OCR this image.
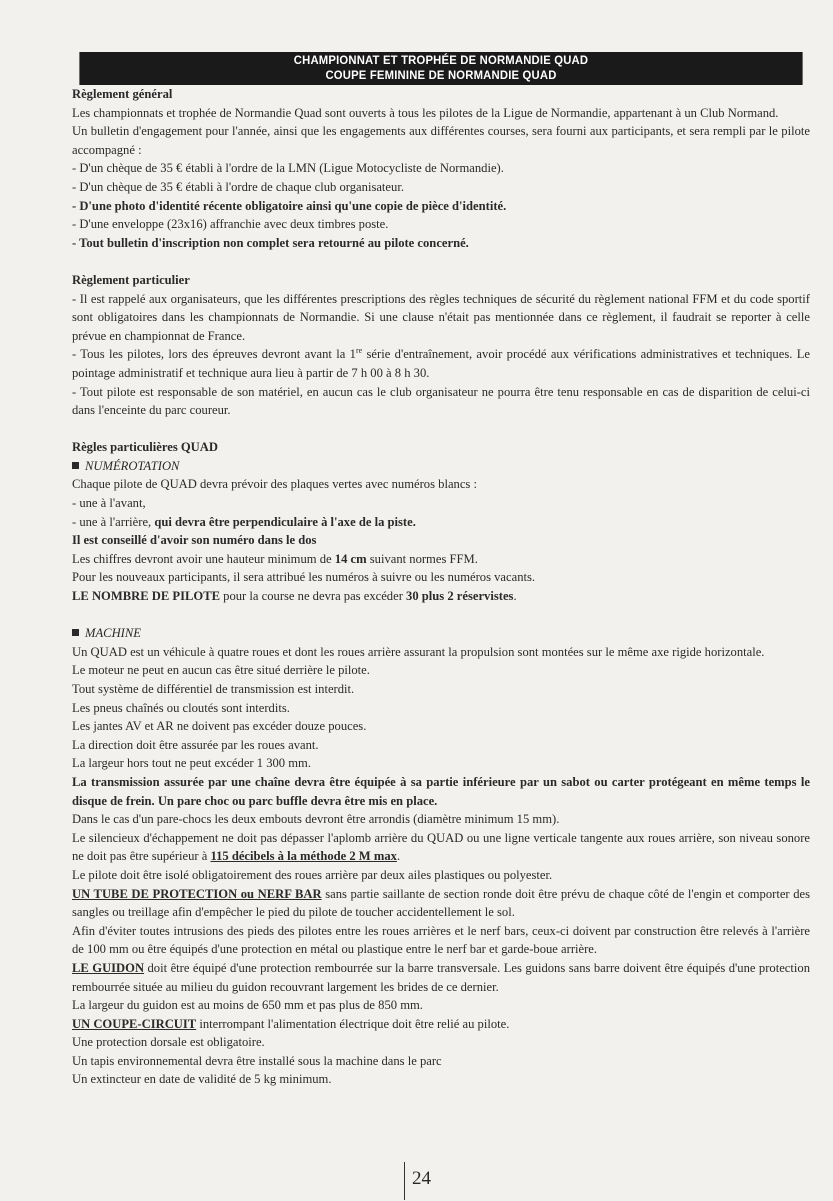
CHAMPIONNAT ET TROPHÉE DE NORMANDIE QUAD
COUPE FEMININE DE NORMANDIE QUAD

Règlement général

Les championnats et trophée de Normandie Quad sont ouverts à tous les pilotes de la Ligue de Normandie, appartenant à un Club Normand.

Un bulletin d'engagement pour l'année, ainsi que les engagements aux différentes courses, sera fourni aux participants, et sera rempli par le pilote accompagné :

- D'un chèque de 35 € établi à l'ordre de la LMN (Ligue Motocycliste de Normandie).

- D'un chèque de 35 € établi à l'ordre de chaque club organisateur.

- D'une photo d'identité récente obligatoire ainsi qu'une copie de pièce d'identité.

- D'une enveloppe (23x16) affranchie avec deux timbres poste.

- Tout bulletin d'inscription non complet sera retourné au pilote concerné.

Règlement particulier

- Il est rappelé aux organisateurs, que les différentes prescriptions des règles techniques de sécurité du règlement national FFM et du code sportif sont obligatoires dans les championnats de Normandie. Si une clause n'était pas mentionnée dans ce règlement, il faudrait se reporter à celle prévue en championnat de France.

- Tous les pilotes, lors des épreuves devront avant la 1re série d'entraînement, avoir procédé aux vérifications administratives et techniques. Le pointage administratif et technique aura lieu à partir de 7 h 00 à 8 h 30.

- Tout pilote est responsable de son matériel, en aucun cas le club organisateur ne pourra être tenu responsable en cas de disparition de celui-ci dans l'enceinte du parc coureur.

Règles particulières QUAD

NUMÉROTATION

Chaque pilote de QUAD devra prévoir des plaques vertes avec numéros blancs :

- une à l'avant,

- une à l'arrière, qui devra être perpendiculaire à l'axe de la piste.

Il est conseillé d'avoir son numéro dans le dos

Les chiffres devront avoir une hauteur minimum de 14 cm suivant normes FFM.

Pour les nouveaux participants, il sera attribué les numéros à suivre ou les numéros vacants.

LE NOMBRE DE PILOTE pour la course ne devra pas excéder 30 plus 2 réservistes.

MACHINE

Un QUAD est un véhicule à quatre roues et dont les roues arrière assurant la propulsion sont montées sur le même axe rigide horizontale.

Le moteur ne peut en aucun cas être situé derrière le pilote.

Tout système de différentiel de transmission est interdit.

Les pneus chaînés ou cloutés sont interdits.

Les jantes AV et AR ne doivent pas excéder douze pouces.

La direction doit être assurée par les roues avant.

La largeur hors tout ne peut excéder 1 300 mm.

La transmission assurée par une chaîne devra être équipée à sa partie inférieure par un sabot ou carter protégeant en même temps le disque de frein. Un pare choc ou parc buffle devra être mis en place.

Dans le cas d'un pare-chocs les deux embouts devront être arrondis (diamètre minimum 15 mm).

Le silencieux d'échappement ne doit pas dépasser l'aplomb arrière du QUAD ou une ligne verticale tangente aux roues arrière, son niveau sonore ne doit pas être supérieur à 115 décibels à la méthode 2 M max.

Le pilote doit être isolé obligatoirement des roues arrière par deux ailes plastiques ou polyester.

UN TUBE DE PROTECTION ou NERF BAR sans partie saillante de section ronde doit être prévu de chaque côté de l'engin et comporter des sangles ou treillage afin d'empêcher le pied du pilote de toucher accidentellement le sol.

Afin d'éviter toutes intrusions des pieds des pilotes entre les roues arrières et le nerf bars, ceux-ci doivent par construction être relevés à l'arrière de 100 mm ou être équipés d'une protection en métal ou plastique entre le nerf bar et garde-boue arrière.

LE GUIDON doit être équipé d'une protection rembourrée sur la barre transversale. Les guidons sans barre doivent être équipés d'une protection rembourrée située au milieu du guidon recouvrant largement les brides de ce dernier.

La largeur du guidon est au moins de 650 mm et pas plus de 850 mm.

UN COUPE-CIRCUIT interrompant l'alimentation électrique doit être relié au pilote.

Une protection dorsale est obligatoire.

Un tapis environnemental devra être installé sous la machine dans le parc

Un extincteur en date de validité de 5 kg minimum.

24
